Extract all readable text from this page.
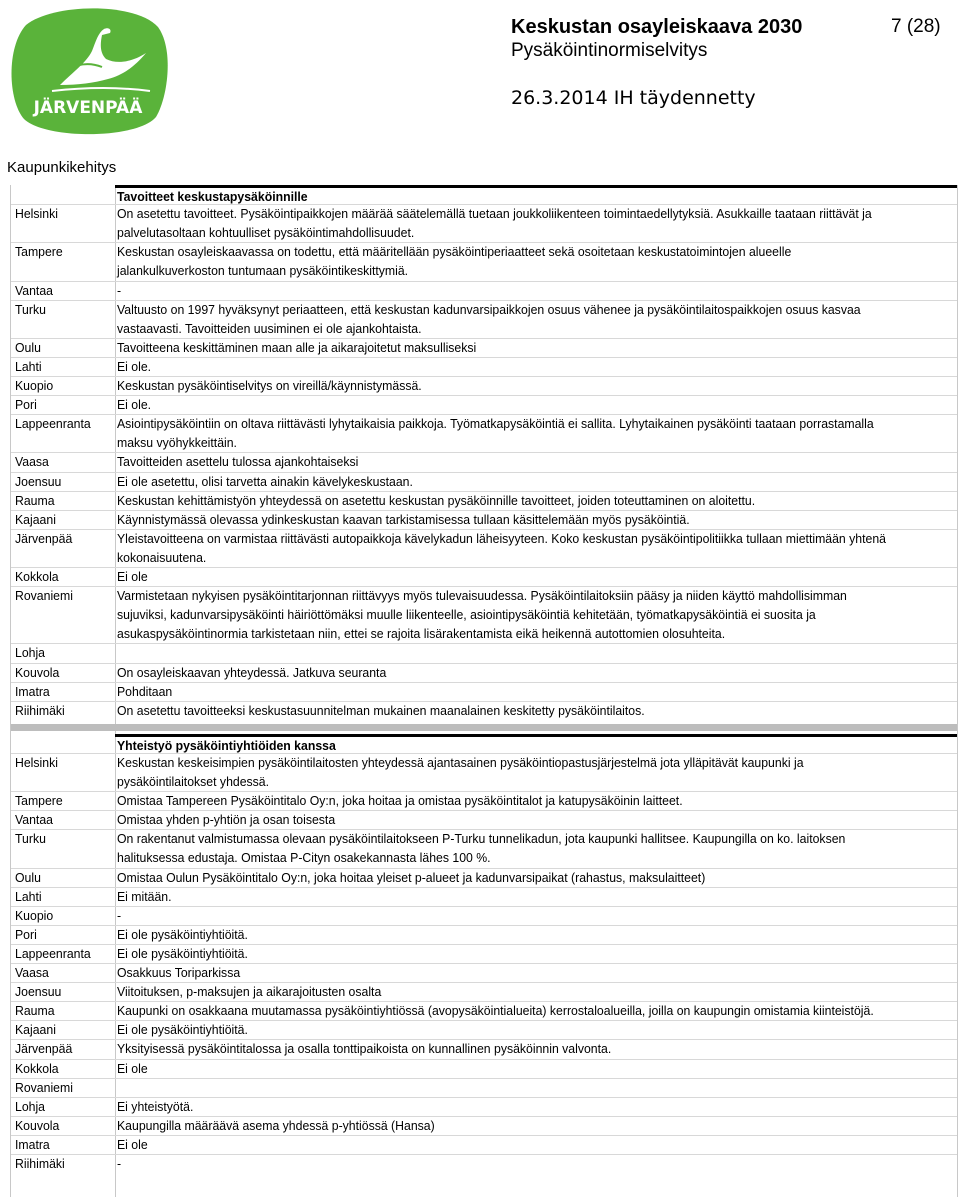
JÄRVENPÄÄ
Keskustan osayleiskaava 2030
Pysäköintinormiselvitys
7 (28)
26.3.2014 IH täydennetty
Kaupunkikehitys
Tavoitteet keskustapysäköinnille
Helsinki	On asetettu tavoitteet. Pysäköintipaikkojen määrää säätelemällä tuetaan joukkoliikenteen toimintaedellytyksiä. Asukkaille taataan riittävät ja
palvelutasoltaan kohtuulliset pysäköintimahdollisuudet.
Tampere	Keskustan osayleiskaavassa on todettu, että määritellään pysäköintiperiaatteet sekä osoitetaan keskustatoimintojen alueelle
jalankulkuverkoston tuntumaan pysäköintikeskittymiä.
Vantaa	-
Turku	Valtuusto on 1997 hyväksynyt periaatteen, että keskustan kadunvarsipaikkojen osuus vähenee ja pysäköintilaitospaikkojen osuus kasvaa
vastaavasti. Tavoitteiden uusiminen ei ole ajankohtaista.
Oulu	Tavoitteena keskittäminen maan alle ja aikarajoitetut maksulliseksi
Lahti	Ei ole.
Kuopio	Keskustan pysäköintiselvitys on vireillä/käynnistymässä.
Pori	Ei ole.
Lappeenranta Asiointipysäköintiin on oltava riittävästi lyhytaikaisia paikkoja. Työmatkapysäköintiä ei sallita. Lyhytaikainen pysäköinti taataan porrastamalla
maksu vyöhykkeittäin.
Vaasa	Tavoitteiden asettelu tulossa ajankohtaiseksi
Joensuu	Ei ole asetettu, olisi tarvetta ainakin kävelykeskustaan.
Rauma	Keskustan kehittämistyön yhteydessä on asetettu keskustan pysäköinnille tavoitteet, joiden toteuttaminen on aloitettu.
Kajaani	Käynnistymässä olevassa ydinkeskustan kaavan tarkistamisessa tullaan käsittelemään myös pysäköintiä.
Järvenpää	Yleistavoitteena on varmistaa riittävästi autopaikkoja kävelykadun läheisyyteen. Koko keskustan pysäköintipolitiikka tullaan miettimään yhtenä
kokonaisuutena.
Kokkola	Ei ole
Rovaniemi	Varmistetaan nykyisen pysäköintitarjonnan riittävyys myös tulevaisuudessa. Pysäköintilaitoksiin pääsy ja niiden käyttö mahdollisimman
sujuviksi, kadunvarsipysäköinti häiriöttömäksi muulle liikenteelle, asiointipysäköintiä kehitetään, työmatkapysäköintiä ei suosita ja
asukaspysäköintinormia tarkistetaan niin, ettei se rajoita lisärakentamista eikä heikennä autottomien olosuhteita.
Lohja
Kouvola	On osayleiskaavan yhteydessä. Jatkuva seuranta
Imatra	Pohditaan
Riihimäki	On asetettu tavoitteeksi keskustasuunnitelman mukainen maanalainen keskitetty pysäköintilaitos.
Yhteistyö pysäköintiyhtiöiden kanssa
Helsinki	Keskustan keskeisimpien pysäköintilaitosten yhteydessä ajantasainen pysäköintiopastusjärjestelmä jota ylläpitävät kaupunki ja
pysäköintilaitokset yhdessä.
Tampere	Omistaa Tampereen Pysäköintitalo Oy:n, joka hoitaa ja omistaa pysäköintitalot ja katupysäköinin laitteet.
Vantaa	Omistaa yhden p-yhtiön ja osan toisesta
Turku	On rakentanut valmistumassa olevaan pysäköintilaitokseen P-Turku tunnelikadun, jota kaupunki hallitsee. Kaupungilla on ko. laitoksen
halituksessa edustaja. Omistaa P-Cityn osakekannasta lähes 100 %.
Oulu	Omistaa Oulun Pysäköintitalo Oy:n, joka hoitaa yleiset p-alueet ja kadunvarsipaikat (rahastus, maksulaitteet)
Lahti	Ei mitään.
Kuopio	-
Pori	Ei ole pysäköintiyhtiöitä.
Lappeenranta Ei ole pysäköintiyhtiöitä.
Vaasa	Osakkuus Toriparkissa
Joensuu	Viitoituksen, p-maksujen ja aikarajoitusten osalta
Rauma	Kaupunki on osakkaana muutamassa pysäköintiyhtiössä (avopysäköintialueita) kerrostaloalueilla, joilla on kaupungin omistamia kiinteistöjä.
Kajaani	Ei ole pysäköintiyhtiöitä.
Järvenpää	Yksityisessä pysäköintitalossa ja osalla tonttipaikoista on kunnallinen pysäköinnin valvonta.
Kokkola	Ei ole
Rovaniemi
Lohja	Ei yhteistyötä.
Kouvola	Kaupungilla määräävä asema yhdessä p-yhtiössä (Hansa)
Imatra	Ei ole
Riihimäki	-
